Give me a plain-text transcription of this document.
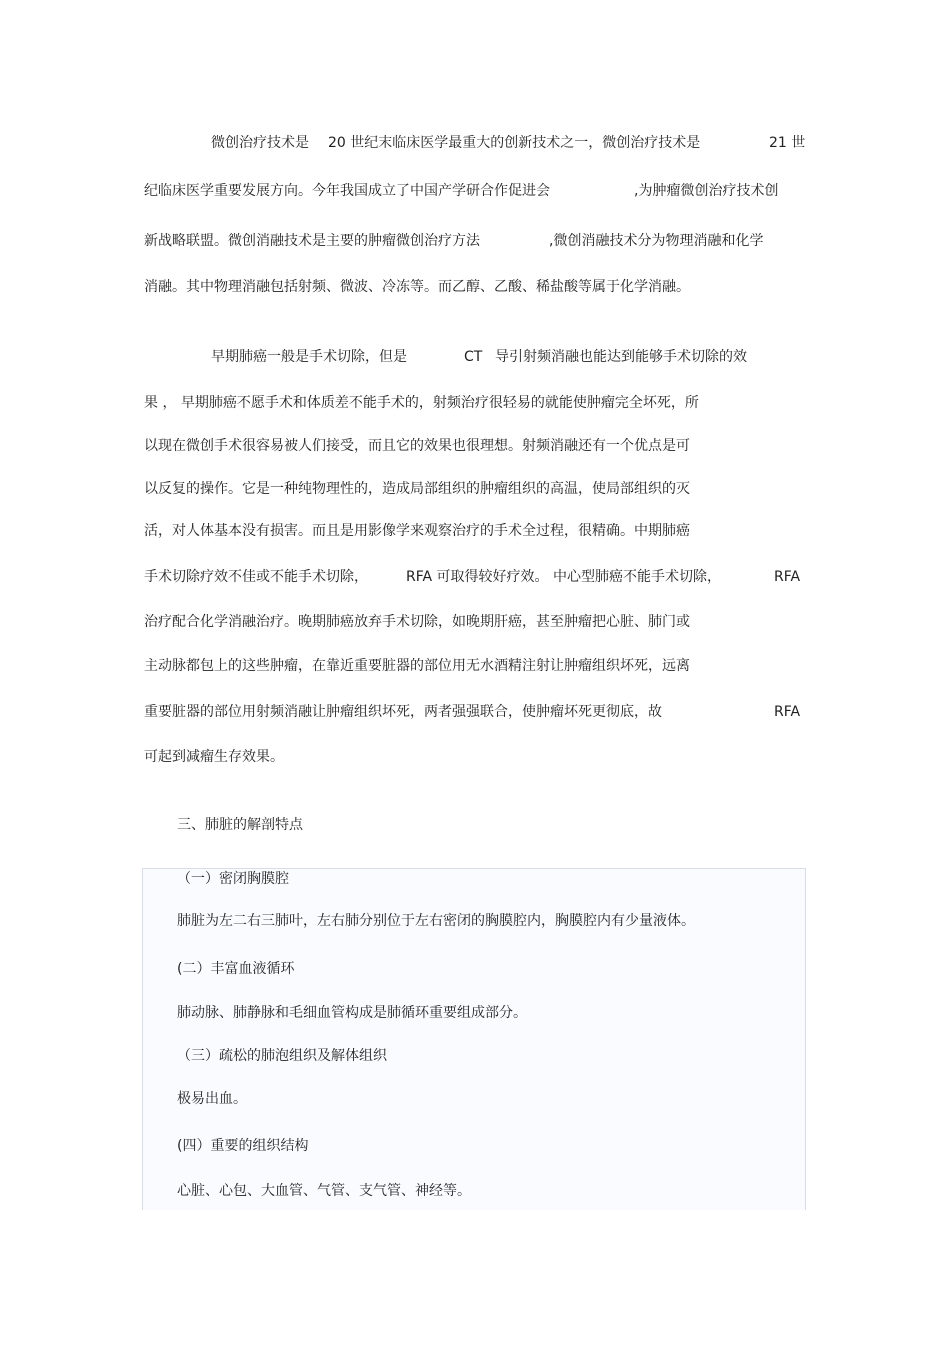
微创治疗技术是 20 世纪末临床医学最重大的创新技术之一，微创治疗技术是	21 世
纪临床医学重要发展方向。今年我国成立了中国产学研合作促进会	,为肿瘤微创治疗技术创
新战略联盟。微创消融技术是主要的肿瘤微创治疗方法	,微创消融技术分为物理消融和化学
消融。其中物理消融包括射频、微波、冷冻等。而乙醇、乙酸、稀盐酸等属于化学消融。
早期肺癌一般是手术切除，但是	CT 导引射频消融也能达到能够手术切除的效
果 ， 早期肺癌不愿手术和体质差不能手术的，射频治疗很轻易的就能使肿瘤完全坏死，所
以现在微创手术很容易被人们接受，而且它的效果也很理想。射频消融还有一个优点是可
以反复的操作。它是一种纯物理性的，造成局部组织的肿瘤组织的高温，使局部组织的灭
活，对人体基本没有损害。而且是用影像学来观察治疗的手术全过程，很精确。中期肺癌
手术切除疗效不佳或不能手术切除，	RFA 可取得较好疗效。 中心型肺癌不能手术切除，	RFA
治疗配合化学消融治疗。晚期肺癌放弃手术切除，如晚期肝癌，甚至肿瘤把心脏、肺门或
主动脉都包上的这些肿瘤，在靠近重要脏器的部位用无水酒精注射让肿瘤组织坏死，远离
重要脏器的部位用射频消融让肿瘤组织坏死，两者强强联合，使肿瘤坏死更彻底，故	RFA
可起到减瘤生存效果。
三、肺脏的解剖特点
（一）密闭胸膜腔
肺脏为左二右三肺叶，左右肺分别位于左右密闭的胸膜腔内，胸膜腔内有少量液体。
(二）丰富血液循环
肺动脉、肺静脉和毛细血管构成是肺循环重要组成部分。
（三）疏松的肺泡组织及解体组织
极易出血。
(四）重要的组织结构
心脏、心包、大血管、气管、支气管、神经等。
